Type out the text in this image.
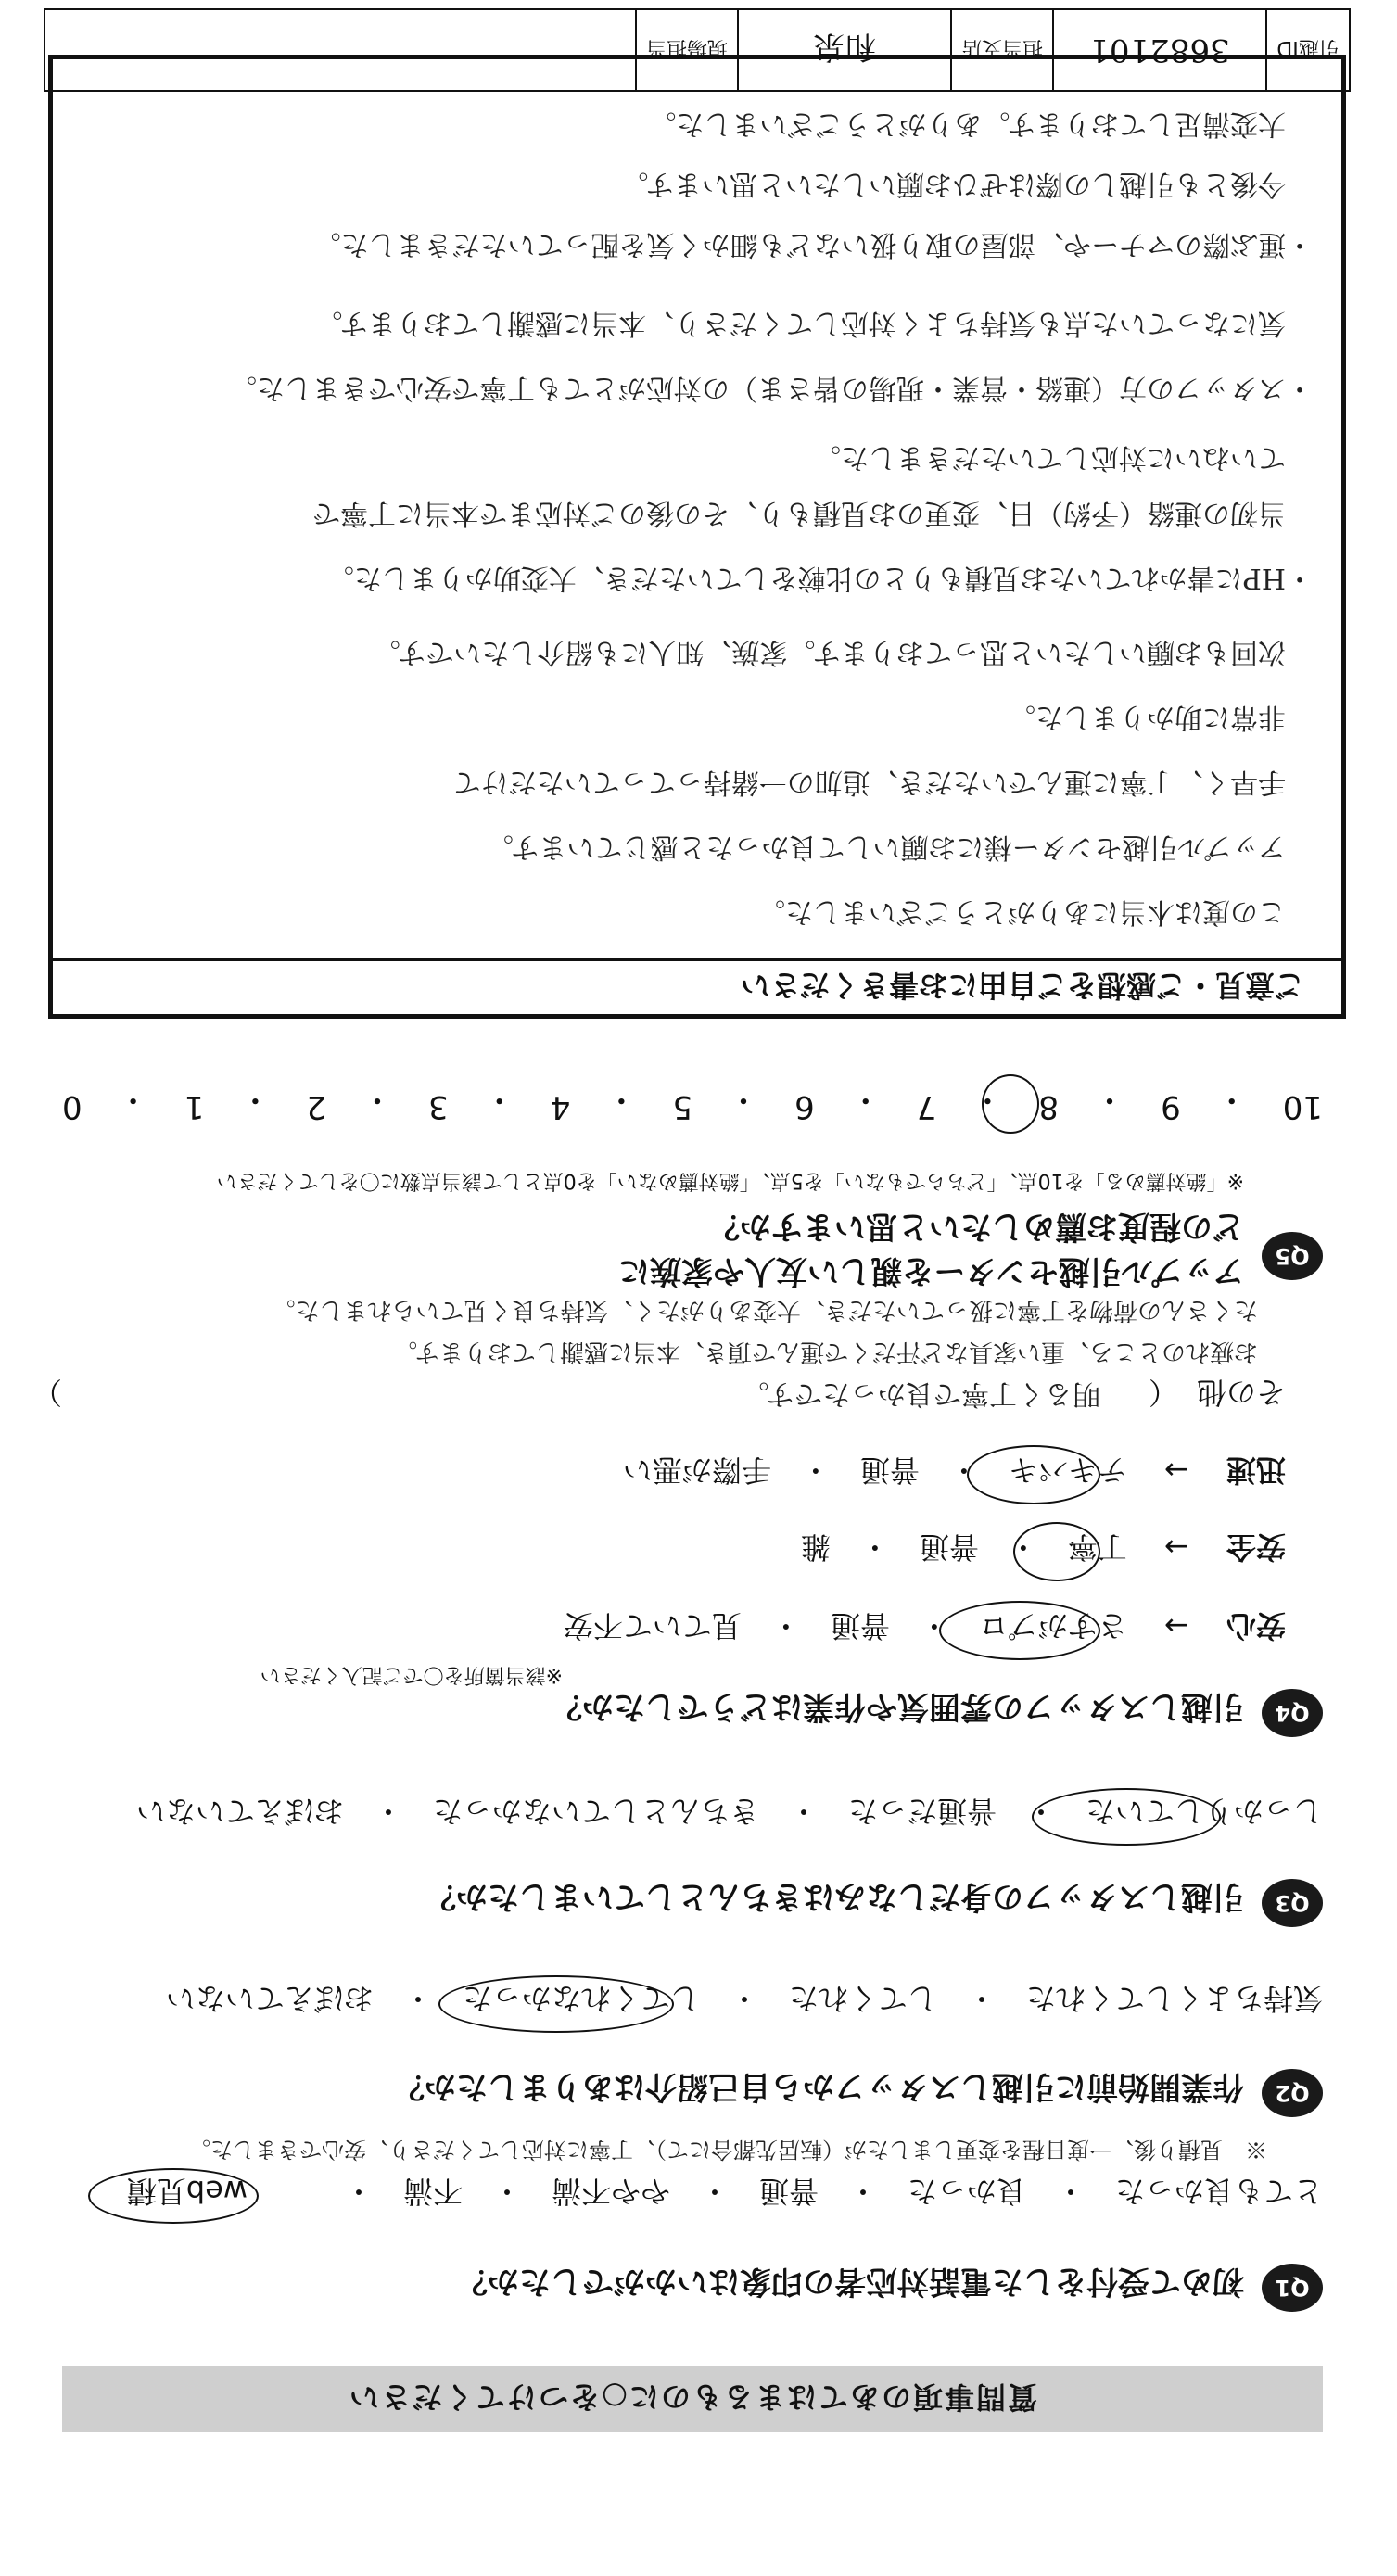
質問事項のあてはまるものに○をつけてください
Q1
初めて受付をした電話対応者の印象はいかがでしたか？
とても良かった　・　良かった　・　普通　・　やや不満　・　不満　・
web見積
※　見積り後、一度日程を変更しましたが（転居先都合にて）、丁寧に対応してくださり、安心できました。
Q2
作業開始前に引越しスタッフから自己紹介はありましたか？
気持ちよくしてくれた　・　してくれた　・　してくれなかった　・　おぼえていない
Q3
引越しスタッフの身だしなみはきちんとしていましたか？
しっかりしていた　・　普通だった　・　きちんとしていなかった　・　おぼえていない
Q4
引越しスタッフの雰囲気や作業はどうでしたか？
※該当箇所を〇でご記入ください
安心 → さすがプロ　・　普通　・　見ていて不安
安全 → 丁寧　・　普通　・　雑
迅速 → テキパキ　・　普通　・　手際が悪い
その他（
）	明るく丁寧で良かったです。
お疲れのところ、重い家具など汗だくで運んで頂き、本当に感謝しております。
たくさんの荷物を丁寧に扱っていただき、大変ありがたく、気持ち良く見ていられました。
Q5
アップル引越センターを親しい友人や家族に
どの程度お薦めしたいと思いますか？
※「絶対薦める」を10点、「どちらでもない」を5点、「絶対薦めない」を0点として該当点数に〇をしてください
10
・
9
・
8
・
7
・
6
・
5
・
4
・
3
・
2
・
1
・
0
ご意見・ご感想をご自由にお書きください
この度は本当にありがとうございました。
アップル引越センター様にお願いして良かったと感じています。
手早く、丁寧に運んでいただき、追加の一緒持ってっていただけて
非常に助かりました。
次回もお願いしたいと思っております。家族、知人にも紹介したいです。
・HPに書かれていたお見積もりとの比較をしていただき、大変助かりました。
　当初の連絡（予約）日、変更のお見積もり、その後のご対応まで本当に丁寧で
　ていねいに対応していただきました。
・スタッフの方（連絡・営業・現場の皆さま）の対応がとても丁寧で安心できました。
　気になっていた点も気持ちよく対応してくださり、本当に感謝しております。
・運ぶ際のマナーや、部屋の取り扱いなども細かく気を配っていただきました。
　今後とも引越しの際はぜひお願いしたいと思います。
　大変満足しております。ありがとうございました。
引越ID
3682101
担当支店
和泉
現場担当
